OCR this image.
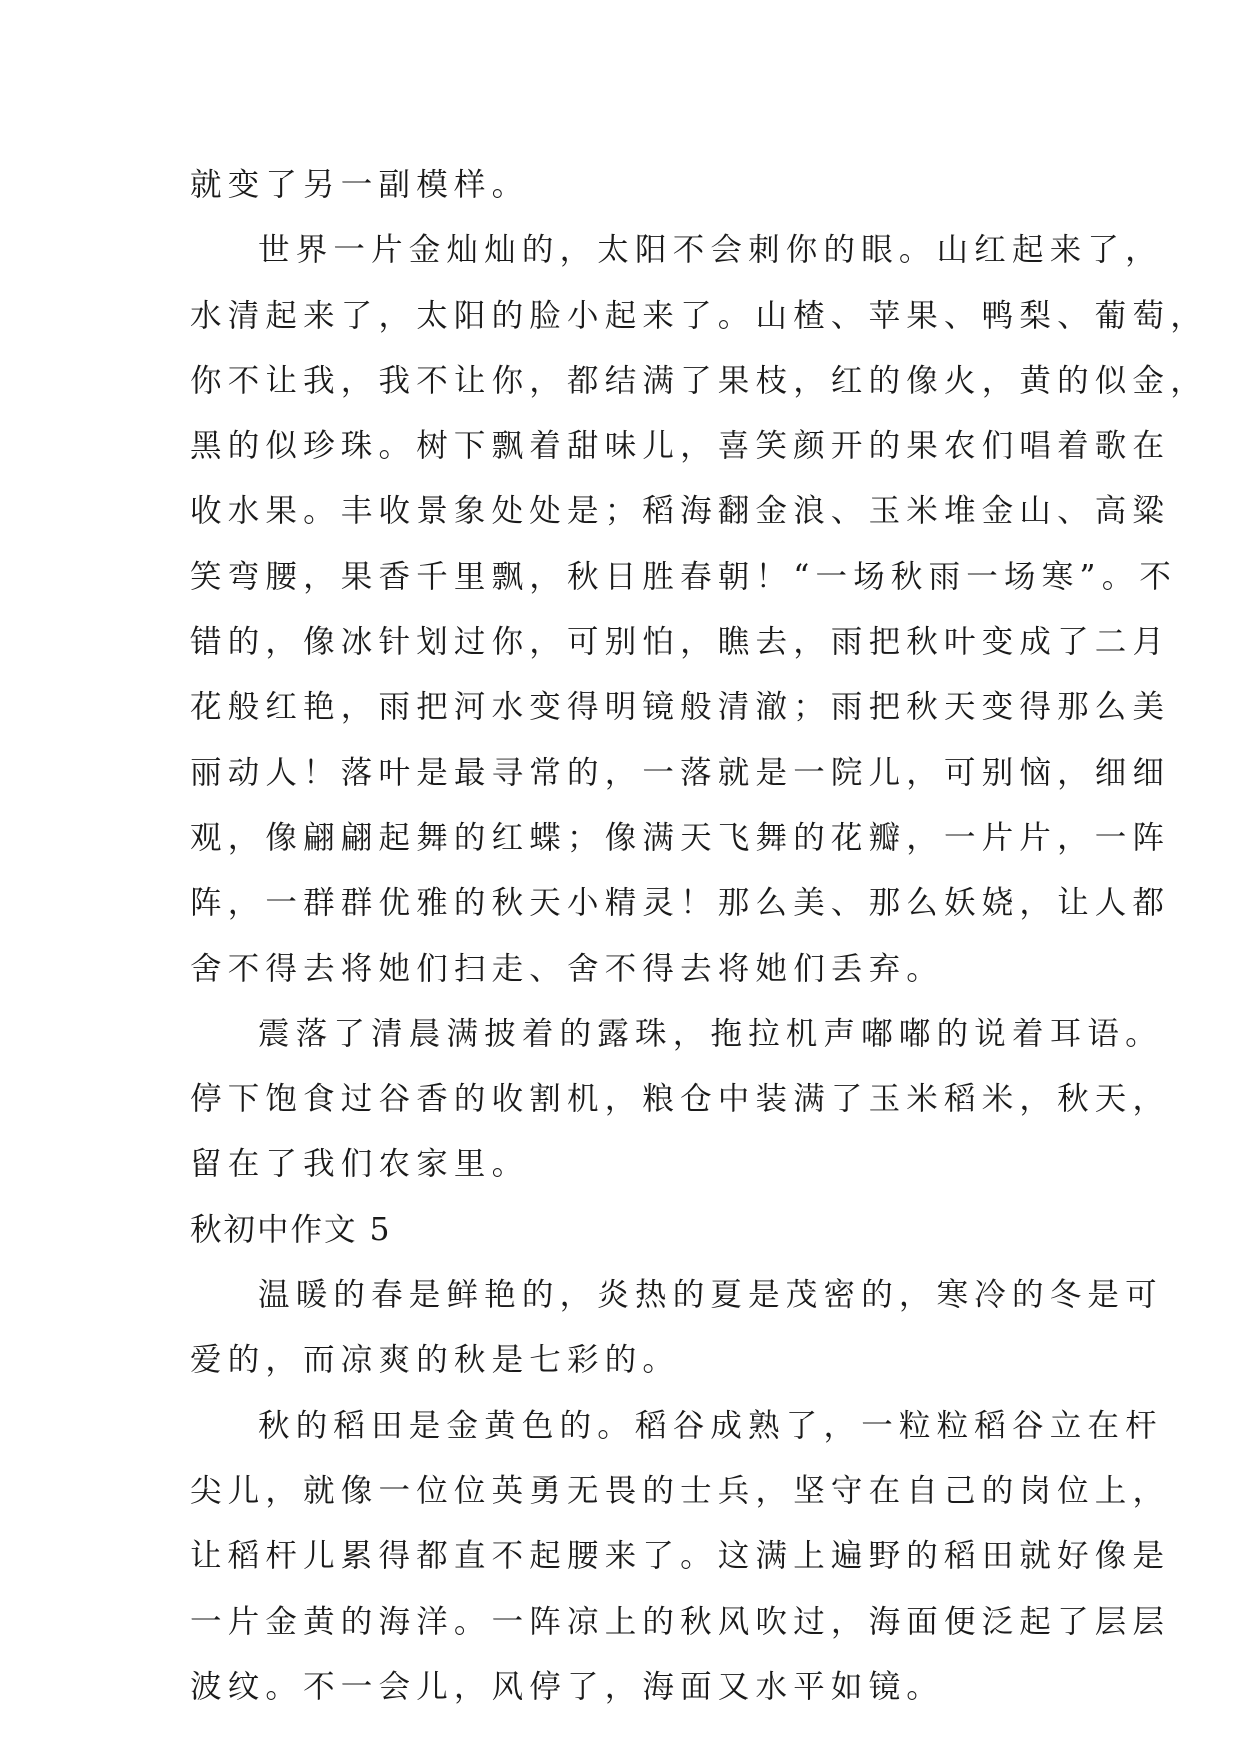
就变了另一副模样。
世界一片金灿灿的，太阳不会刺你的眼。山红起来了，
水清起来了，太阳的脸小起来了。山楂、苹果、鸭梨、葡萄，
你不让我，我不让你，都结满了果枝，红的像火，黄的似金，
黑的似珍珠。树下飘着甜味儿，喜笑颜开的果农们唱着歌在
收水果。丰收景象处处是；稻海翻金浪、玉米堆金山、高粱
笑弯腰，果香千里飘，秋日胜春朝！“一场秋雨一场寒”。不
错的，像冰针划过你，可别怕，瞧去，雨把秋叶变成了二月
花般红艳，雨把河水变得明镜般清澈；雨把秋天变得那么美
丽动人！落叶是最寻常的，一落就是一院儿，可别恼，细细
观，像翩翩起舞的红蝶；像满天飞舞的花瓣，一片片，一阵
阵，一群群优雅的秋天小精灵！那么美、那么妖娆，让人都
舍不得去将她们扫走、舍不得去将她们丢弃。
震落了清晨满披着的露珠，拖拉机声嘟嘟的说着耳语。
停下饱食过谷香的收割机，粮仓中装满了玉米稻米，秋天，
留在了我们农家里。
秋初中作文 5
温暖的春是鲜艳的，炎热的夏是茂密的，寒冷的冬是可
爱的，而凉爽的秋是七彩的。
秋的稻田是金黄色的。稻谷成熟了，一粒粒稻谷立在杆
尖儿，就像一位位英勇无畏的士兵，坚守在自己的岗位上，
让稻杆儿累得都直不起腰来了。这满上遍野的稻田就好像是
一片金黄的海洋。一阵凉上的秋风吹过，海面便泛起了层层
波纹。不一会儿，风停了，海面又水平如镜。
